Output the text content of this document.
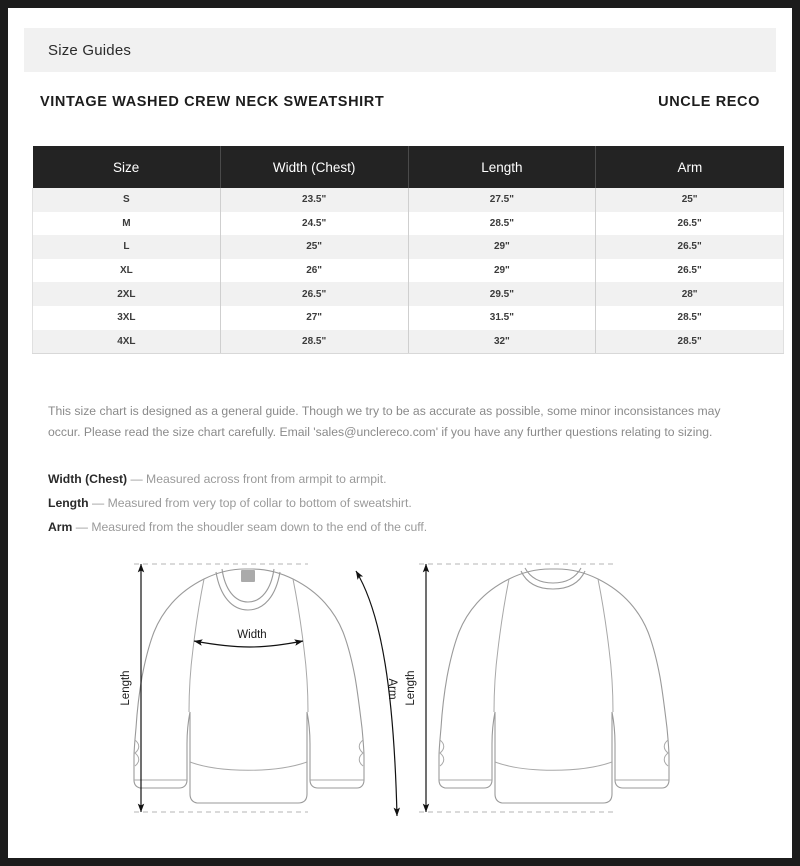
Size Guides
VINTAGE WASHED CREW NECK SWEATSHIRT	UNCLE RECO
Size	Width (Chest)	Length	Arm
S	23.5"	27.5"	25"
M	24.5"	28.5"	26.5"
L	25"	29"	26.5"
XL	26"	29"	26.5"
2XL	26.5"	29.5"	28"
3XL	27"	31.5"	28.5"
4XL	28.5"	32"	28.5"

This size chart is designed as a general guide. Though we try to be as accurate as possible, some minor inconsistances may occur. Please read the size chart carefully. Email 'sales@unclereco.com' if you have any further questions relating to sizing.

Width (Chest) — Measured across front from armpit to armpit.
Length — Measured from very top of collar to bottom of sweatshirt.
Arm — Measured from the shoudler seam down to the end of the cuff.
Length
Width
Arm Length
